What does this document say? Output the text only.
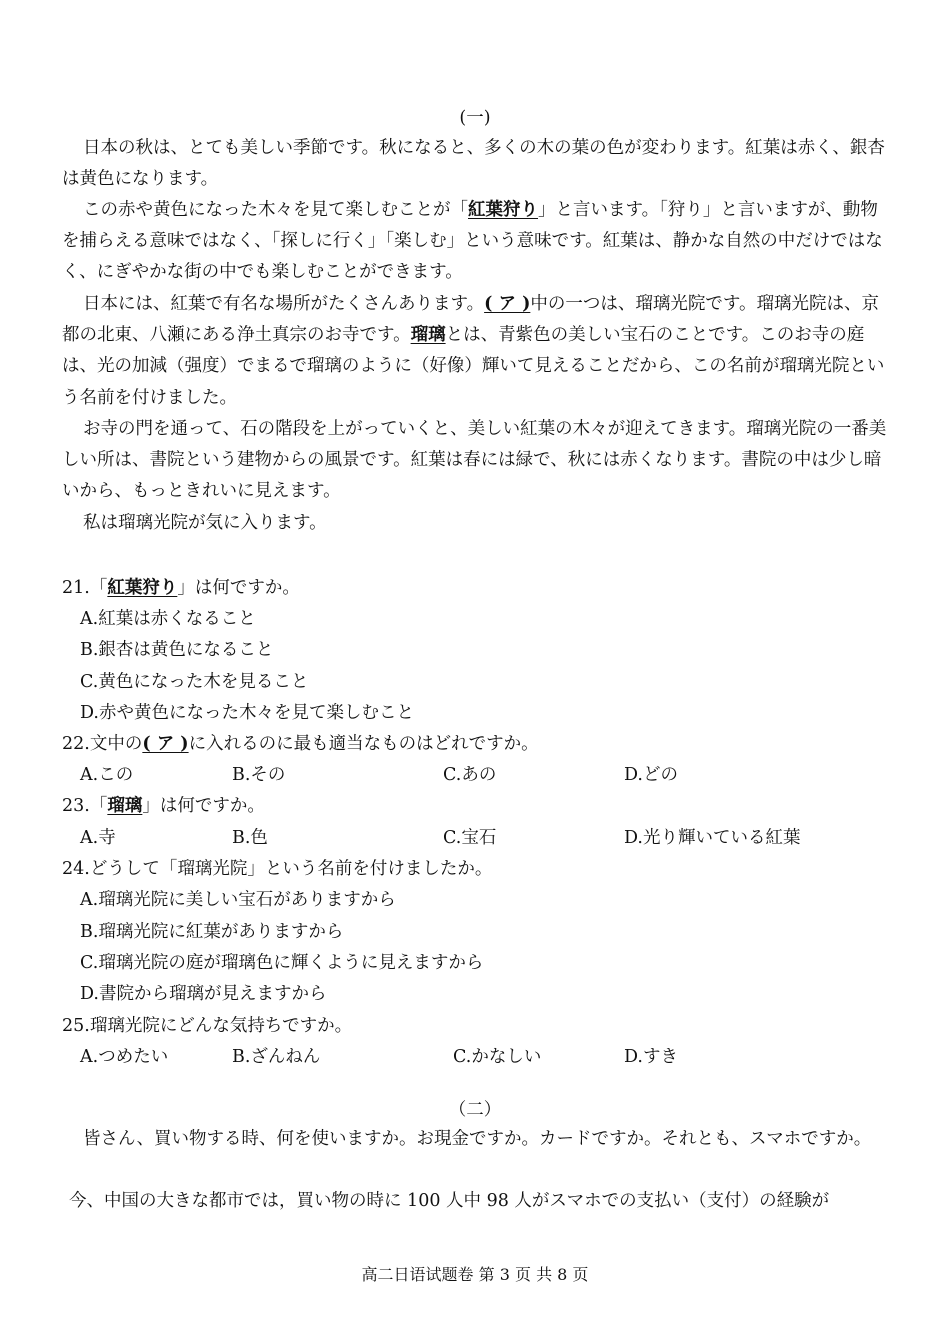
(一)
日本の秋は、とても美しい季節です。秋になると、多くの木の葉の色が変わります。紅葉は赤く、銀杏は黄色になります。
この赤や黄色になった木々を見て楽しむことが「紅葉狩り」と言います。「狩り」と言いますが、動物を捕らえる意味ではなく、「探しに行く」「楽しむ」という意味です。紅葉は、静かな自然の中だけではなく、にぎやかな街の中でも楽しむことができます。
日本には、紅葉で有名な場所がたくさんあります。( ア )中の一つは、瑠璃光院です。瑠璃光院は、京都の北東、八瀬にある浄土真宗のお寺です。瑠璃とは、青紫色の美しい宝石のことです。このお寺の庭は、光の加減（强度）でまるで瑠璃のように（好像）輝いて見えることだから、この名前が瑠璃光院という名前を付けました。
お寺の門を通って、石の階段を上がっていくと、美しい紅葉の木々が迎えてきます。瑠璃光院の一番美しい所は、書院という建物からの風景です。紅葉は春には緑で、秋には赤くなります。書院の中は少し暗いから、もっときれいに見えます。
私は瑠璃光院が気に入ります。
21.「紅葉狩り」は何ですか。
A.紅葉は赤くなること
B.銀杏は黄色になること
C.黄色になった木を見ること
D.赤や黄色になった木々を見て楽しむこと
22.文中の( ア )に入れるのに最も適当なものはどれですか。
A.この	B.その	C.あの	D.どの
23.「瑠璃」は何ですか。
A.寺	B.色	C.宝石	D.光り輝いている紅葉
24.どうして「瑠璃光院」という名前を付けましたか。
A.瑠璃光院に美しい宝石がありますから
B.瑠璃光院に紅葉がありますから
C.瑠璃光院の庭が瑠璃色に輝くように見えますから
D.書院から瑠璃が見えますから
25.瑠璃光院にどんな気持ちですか。
A.つめたい	B.ざんねん	C.かなしい	D.すき
（二）
皆さん、買い物する時、何を使いますか。お現金ですか。カードですか。それとも、スマホですか。
今、中国の大きな都市では，買い物の時に 100 人中 98 人がスマホでの支払い（支付）の経験が
高二日语试题卷 第 3 页 共 8 页
